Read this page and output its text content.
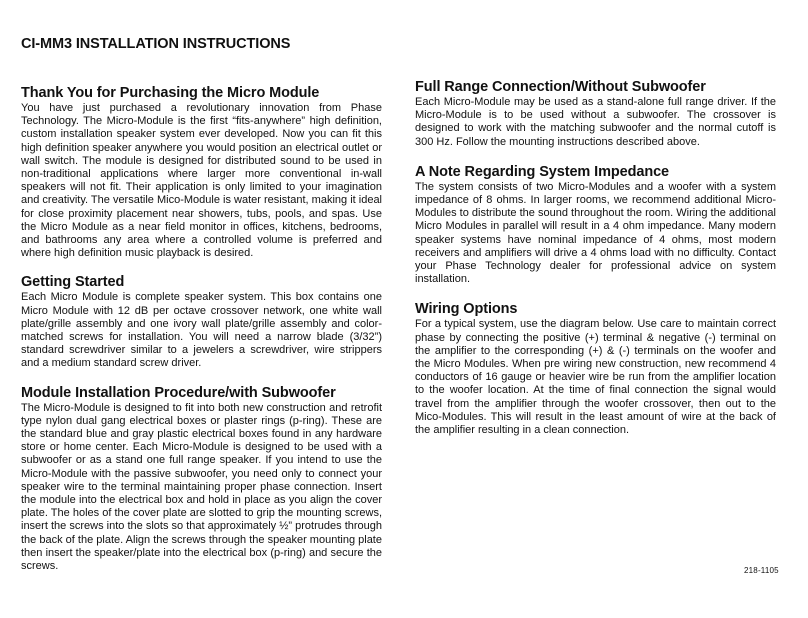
CI-MM3 INSTALLATION INSTRUCTIONS
Thank You for Purchasing the Micro Module

You have just purchased a revolutionary innovation from Phase Technology. The Micro-Module is the first “fits-anywhere” high definition, custom installation speaker system ever developed. Now you can fit this high definition speaker anywhere you would position an electrical outlet or wall switch. The module is designed for distributed sound to be used in non-traditional applications where larger more conventional in-wall speakers will not fit. Their application is only limited to your imagination and creativity. The versatile Mico-Module is water resistant, making it ideal for close proximity placement near showers, tubs, pools, and spas. Use the Micro Module as a near field monitor in offices, kitchens, bedrooms, and bathrooms any area where a controlled volume is preferred and where high definition music playback is desired.

Getting Started

Each Micro Module is complete speaker system. This box contains one Micro Module with 12 dB per octave crossover network, one white wall plate/grille assembly and one ivory wall plate/grille assembly and color-matched screws for installation. You will need a narrow blade (3/32”) standard screwdriver similar to a jewelers a screwdriver, wire strippers and a medium standard screw driver.

Module Installation Procedure/with Subwoofer

The Micro-Module is designed to fit into both new construction and retrofit type nylon dual gang electrical boxes or plaster rings (p-ring). These are the standard blue and gray plastic electrical boxes found in any hardware store or home center. Each Micro-Module is designed to be used with a subwoofer or as a stand one full range speaker. If you intend to use the Micro-Module with the passive subwoofer, you need only to connect your speaker wire to the terminal maintaining proper phase connection. Insert the module into the electrical box and hold in place as you align the cover plate. The holes of the cover plate are slotted to grip the mounting screws, insert the screws into the slots so that approximately ½” protrudes through the back of the plate. Align the screws through the speaker mounting plate then insert the speaker/plate into the electrical box (p-ring) and secure the screws.

Full Range Connection/Without Subwoofer

Each Micro-Module may be used as a stand-alone full range driver. If the Micro-Module is to be used without a subwoofer. The crossover is designed to work with the matching subwoofer and the normal cutoff is 300 Hz. Follow the mounting instructions described above.

A Note Regarding System Impedance

The system consists of two Micro-Modules and a woofer with a system impedance of 8 ohms. In larger rooms, we recommend additional Micro-Modules to distribute the sound throughout the room. Wiring the additional Micro Modules in parallel will result in a 4 ohm impedance. Many modern speaker systems have nominal impedance of 4 ohms, most modern receivers and amplifiers will drive a 4 ohms load with no difficulty. Contact your Phase Technology dealer for professional advice on system installation.

Wiring Options

For a typical system, use the diagram below. Use care to maintain correct phase by connecting the positive (+) terminal & negative (-) terminal on the amplifier to the corresponding (+) & (-) terminals on the woofer and the Micro Modules. When pre wiring new construction, new recommend 4 conductors of 16 gauge or heavier wire be run from the amplifier location to the woofer location. At the time of final connection the signal would travel from the amplifier through the woofer crossover, then out to the Mico-Modules. This will result in the least amount of wire at the back of the amplifier resulting in a clean connection.

218-1105
